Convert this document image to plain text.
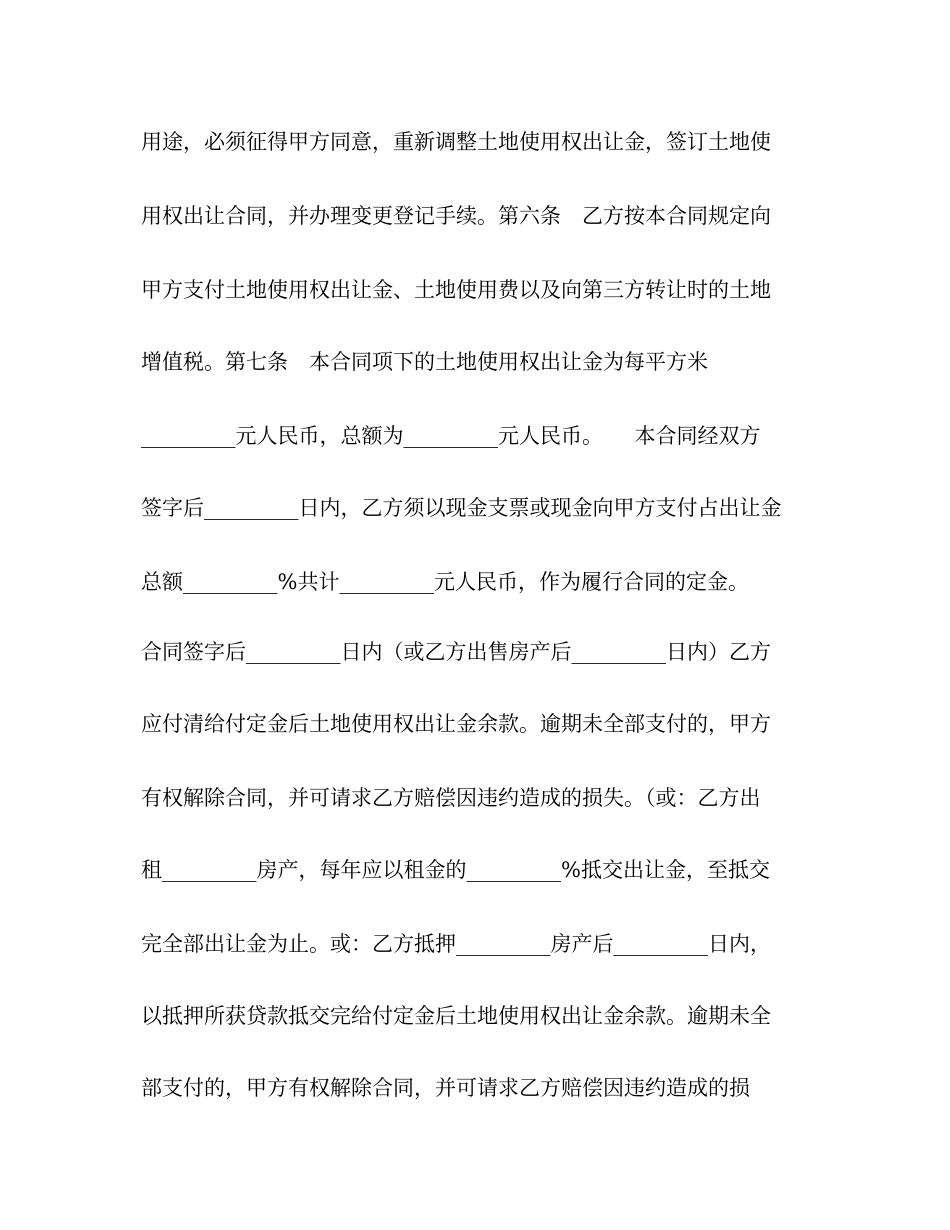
用途，必须征得甲方同意，重新调整土地使用权出让金，签订土地使
用权出让合同，并办理变更登记手续。第六条　乙方按本合同规定向
甲方支付土地使用权出让金、土地使用费以及向第三方转让时的土地
增值税。第七条　本合同项下的土地使用权出让金为每平方米
_________元人民币，总额为_________元人民币。　　本合同经双方
签字后_________日内，乙方须以现金支票或现金向甲方支付占出让金
总额_________%共计_________元人民币，作为履行合同的定金。
合同签字后_________日内（或乙方出售房产后_________日内）乙方
应付清给付定金后土地使用权出让金余款。逾期未全部支付的，甲方
有权解除合同，并可请求乙方赔偿因违约造成的损失。（或：乙方出
租_________房产，每年应以租金的_________%抵交出让金，至抵交
完全部出让金为止。或：乙方抵押_________房产后_________日内，
以抵押所获贷款抵交完给付定金后土地使用权出让金余款。逾期未全
部支付的，甲方有权解除合同，并可请求乙方赔偿因违约造成的损
